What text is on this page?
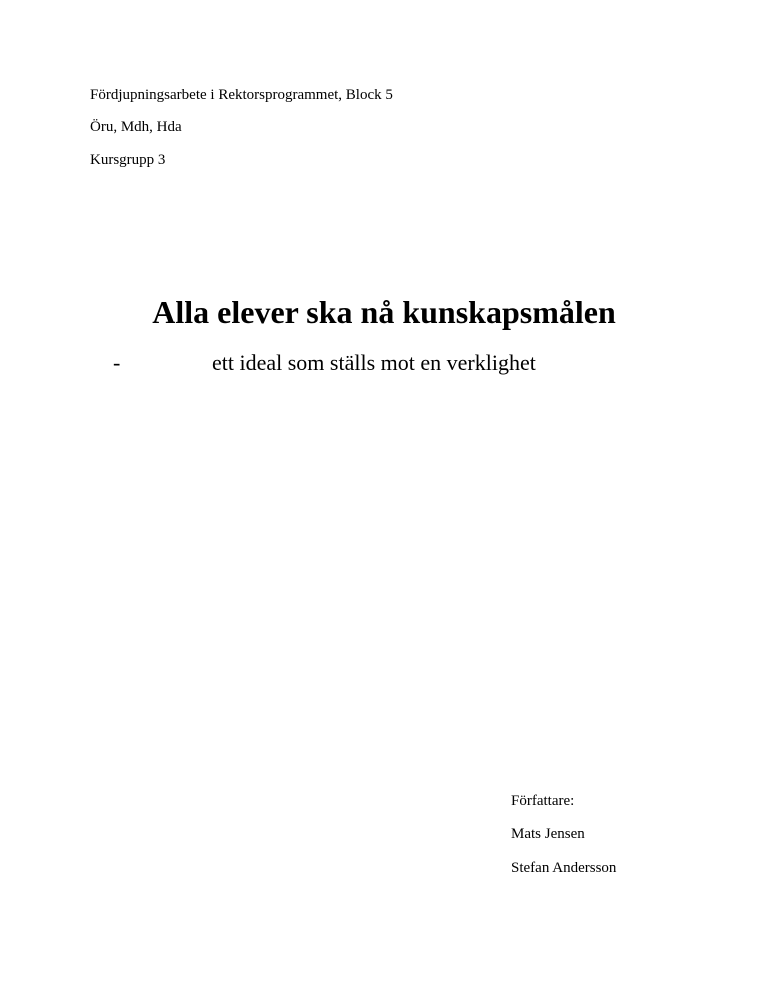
Fördjupningsarbete i Rektorsprogrammet, Block 5
Öru, Mdh, Hda
Kursgrupp 3
Alla elever ska nå kunskapsmålen
-	ett ideal som ställs mot en verklighet
Författare:
Mats Jensen
Stefan Andersson
